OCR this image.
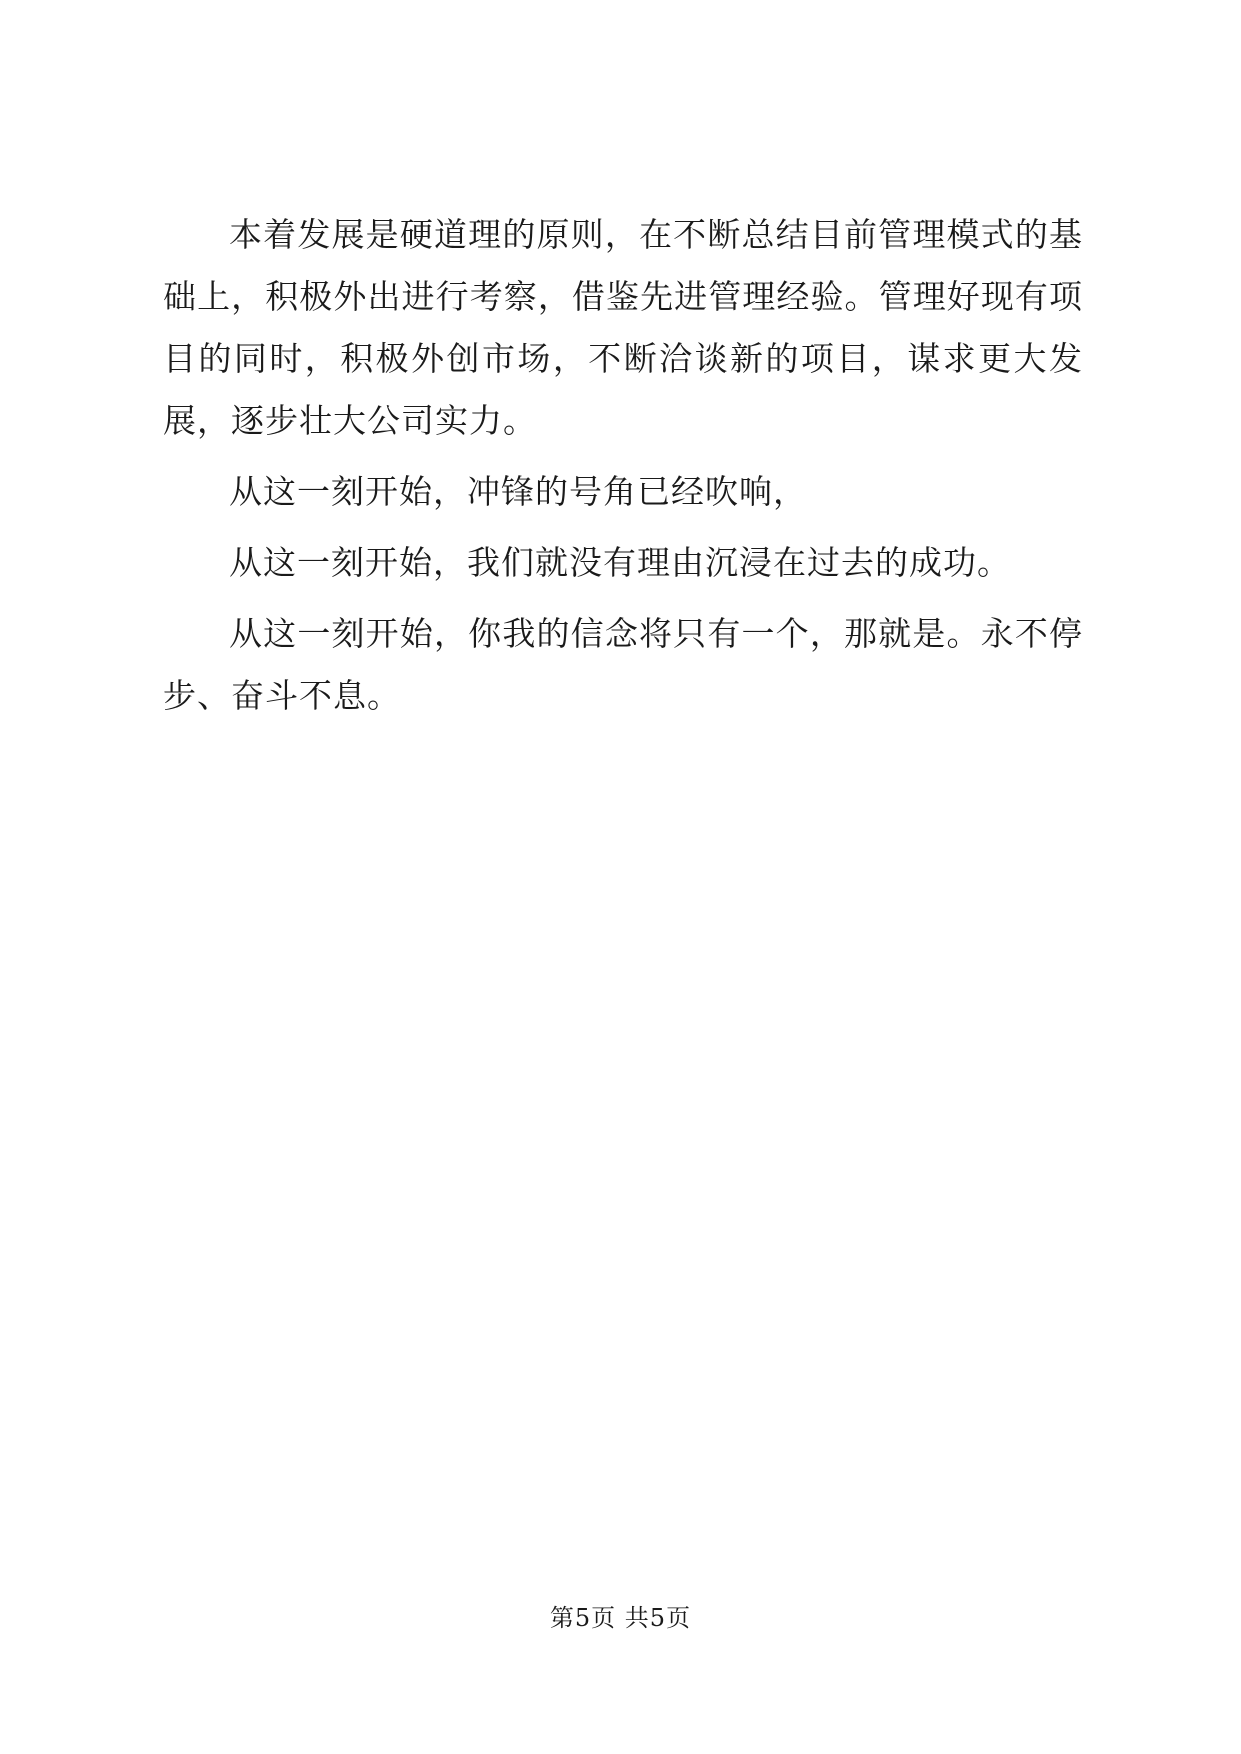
本着发展是硬道理的原则，在不断总结目前管理模式的基础上，积极外出进行考察，借鉴先进管理经验。管理好现有项目的同时，积极外创市场，不断洽谈新的项目，谋求更大发展，逐步壮大公司实力。

从这一刻开始，冲锋的号角已经吹响，

从这一刻开始，我们就没有理由沉浸在过去的成功。

从这一刻开始，你我的信念将只有一个，那就是。永不停步、奋斗不息。

第5页 共5页
